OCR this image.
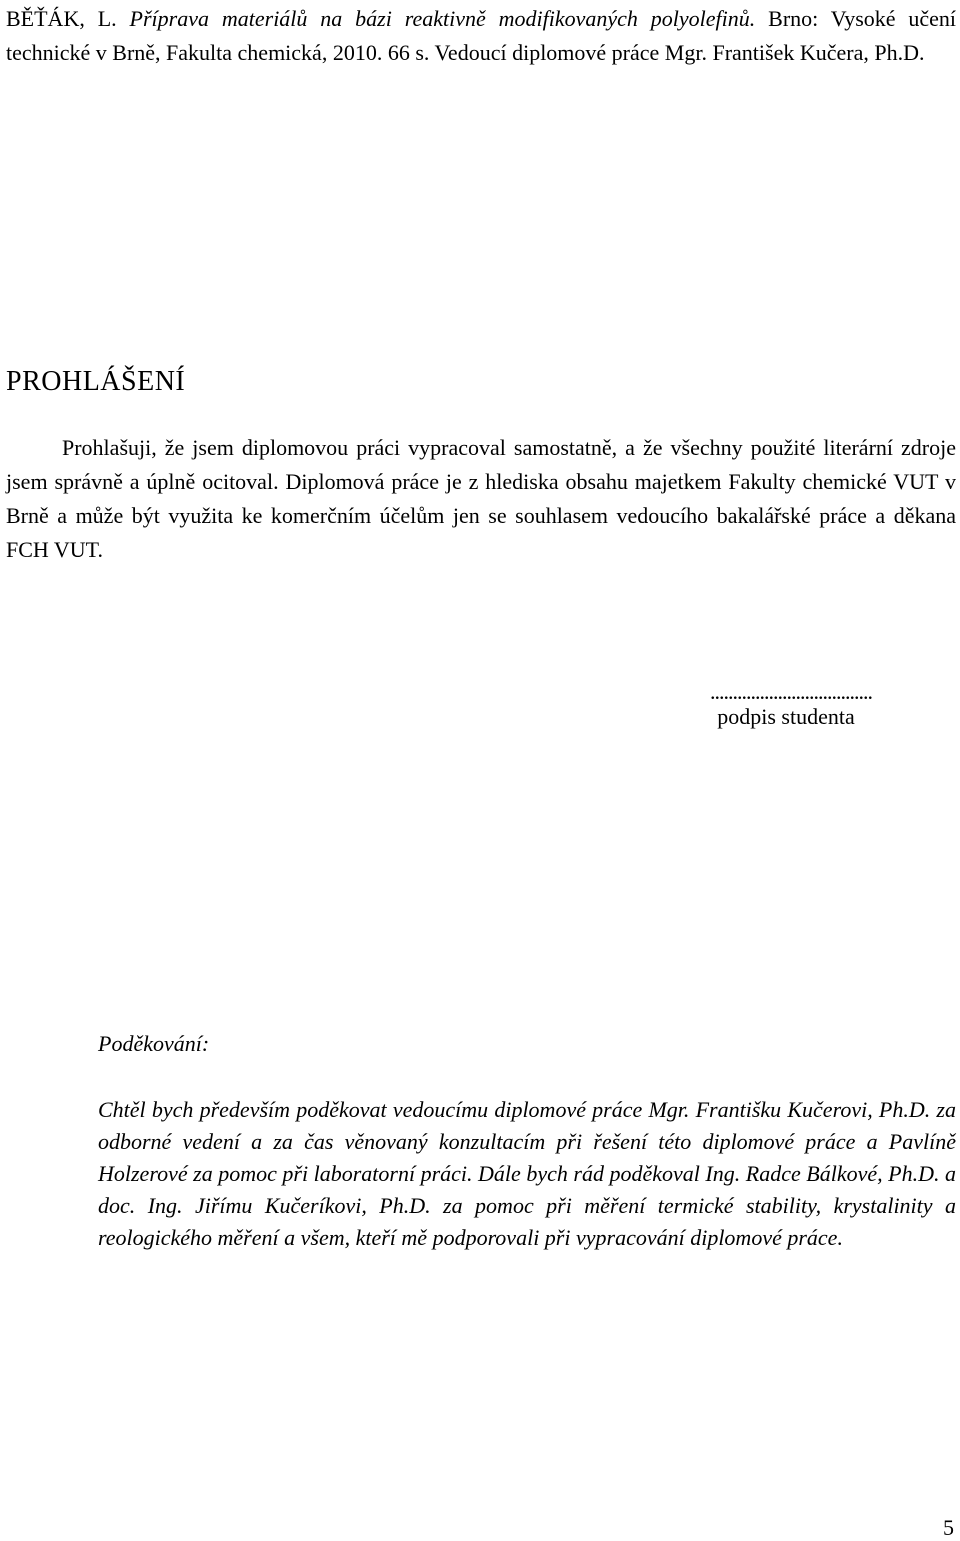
BĚŤÁK, L. Příprava materiálů na bázi reaktivně modifikovaných polyolefinů. Brno: Vysoké učení technické v Brně, Fakulta chemická, 2010. 66 s. Vedoucí diplomové práce Mgr. František Kučera, Ph.D.
PROHLÁŠENÍ

Prohlašuji, že jsem diplomovou práci vypracoval samostatně, a že všechny použité literární zdroje jsem správně a úplně ocitoval. Diplomová práce je z hlediska obsahu majetkem Fakulty chemické VUT v Brně a může být využita ke komerčním účelům jen se souhlasem vedoucího bakalářské práce a děkana FCH VUT.

....................................
podpis studenta
Poděkování:

Chtěl bych především poděkovat vedoucímu diplomové práce Mgr. Františku Kučerovi, Ph.D. za odborné vedení a za čas věnovaný konzultacím při řešení této diplomové práce a Pavlíně Holzerové za pomoc při laboratorní práci. Dále bych rád poděkoval Ing. Radce Bálkové, Ph.D. a doc. Ing. Jiřímu Kučeríkovi, Ph.D. za pomoc při měření termické stability, krystalinity a reologického měření a všem, kteří mě podporovali při vypracování diplomové práce.

5
